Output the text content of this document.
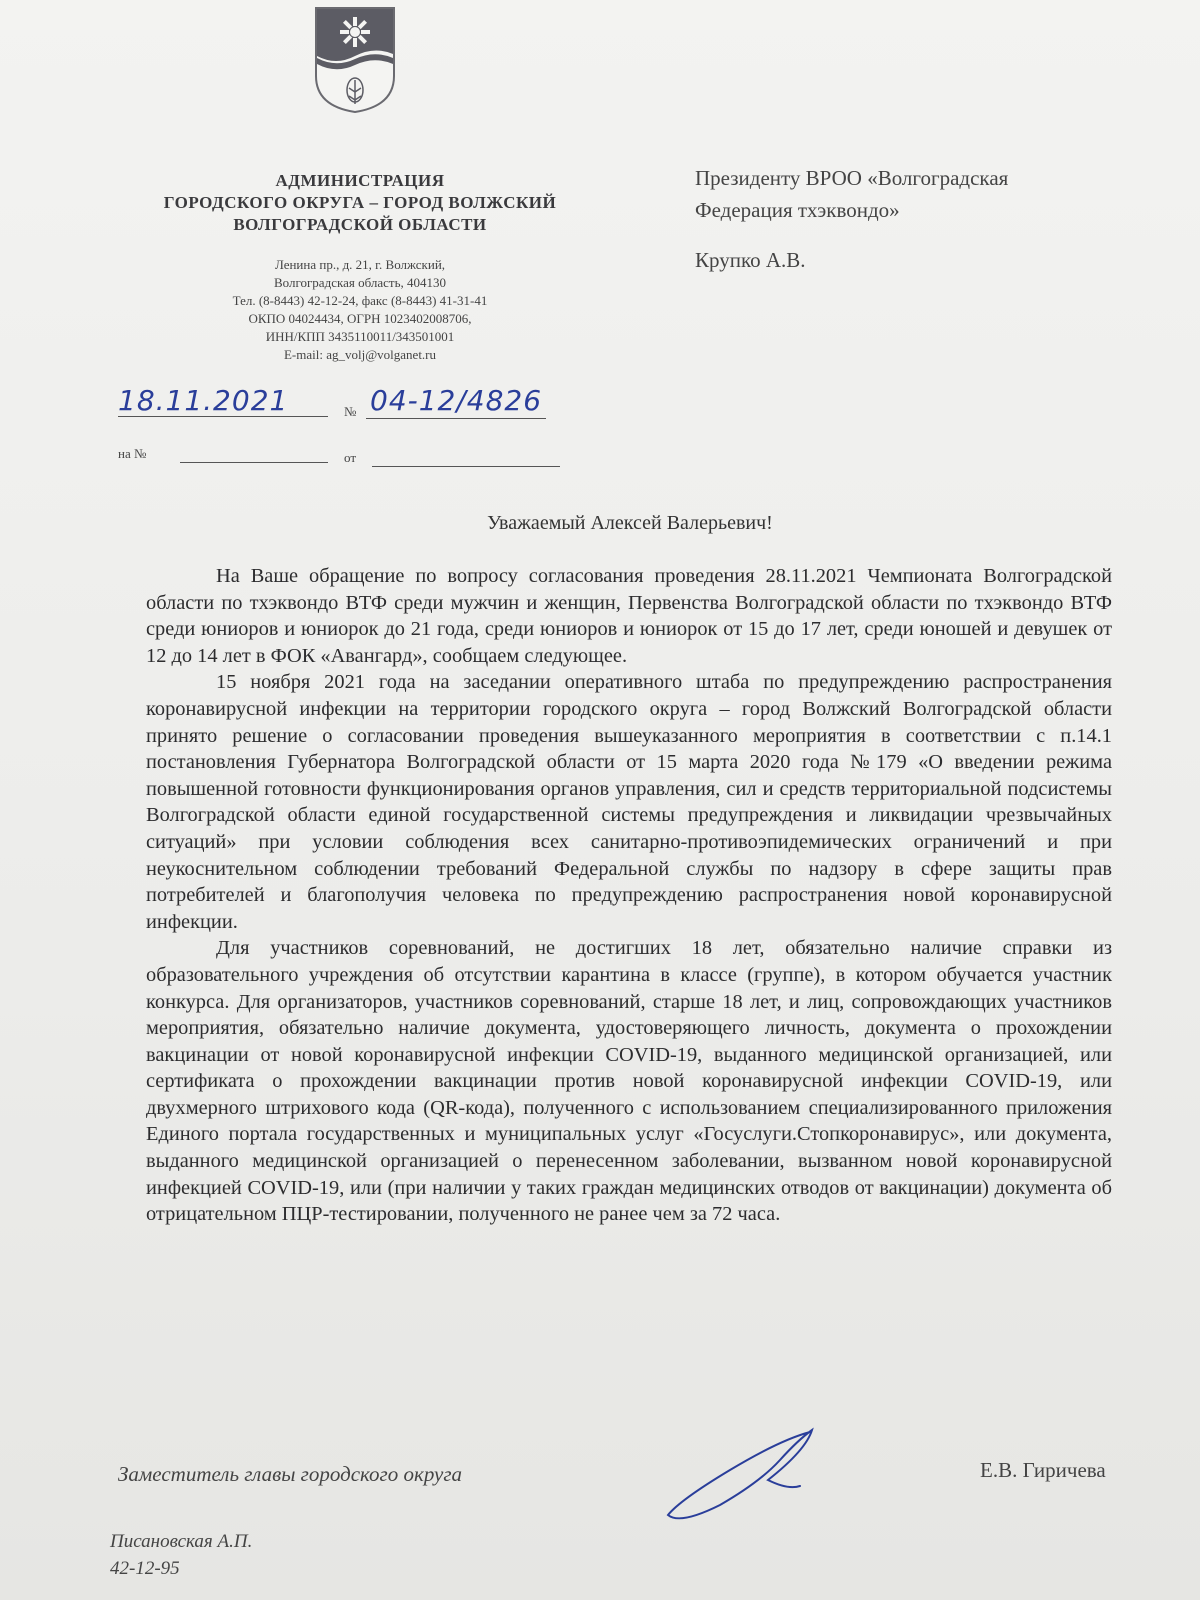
АДМИНИСТРАЦИЯ
ГОРОДСКОГО ОКРУГА – ГОРОД ВОЛЖСКИЙ
ВОЛГОГРАДСКОЙ ОБЛАСТИ
Ленина пр., д. 21, г. Волжский,
Волгоградская область, 404130
Тел. (8-8443) 42-12-24, факс (8-8443) 41-31-41
ОКПО 04024434, ОГРН 1023402008706,
ИНН/КПП 3435110011/343501001
E-mail: ag_volj@volganet.ru
18.11.2021	№ 04-12/4826
на №	от
Президенту ВРОО «Волгоградская
Федерация тхэквондо»
Крупко А.В.
Уважаемый Алексей Валерьевич!

На Ваше обращение по вопросу согласования проведения 28.11.2021 Чемпионата Волгоградской области по тхэквондо ВТФ среди мужчин и женщин, Первенства Волгоградской области по тхэквондо ВТФ среди юниоров и юниорок до 21 года, среди юниоров и юниорок от 15 до 17 лет, среди юношей и девушек от 12 до 14 лет в ФОК «Авангард», сообщаем следующее.

15 ноября 2021 года на заседании оперативного штаба по предупреждению распространения коронавирусной инфекции на территории городского округа – город Волжский Волгоградской области принято решение о согласовании проведения вышеуказанного мероприятия в соответствии с п.14.1 постановления Губернатора Волгоградской области от 15 марта 2020 года №179 «О введении режима повышенной готовности функционирования органов управления, сил и средств территориальной подсистемы Волгоградской области единой государственной системы предупреждения и ликвидации чрезвычайных ситуаций» при условии соблюдения всех санитарно-противоэпидемических ограничений и при неукоснительном соблюдении требований Федеральной службы по надзору в сфере защиты прав потребителей и благополучия человека по предупреждению распространения новой коронавирусной инфекции.

Для участников соревнований, не достигших 18 лет, обязательно наличие справки из образовательного учреждения об отсутствии карантина в классе (группе), в котором обучается участник конкурса. Для организаторов, участников соревнований, старше 18 лет, и лиц, сопровождающих участников мероприятия, обязательно наличие документа, удостоверяющего личность, документа о прохождении вакцинации от новой коронавирусной инфекции COVID-19, выданного медицинской организацией, или сертификата о прохождении вакцинации против новой коронавирусной инфекции COVID-19, или двухмерного штрихового кода (QR-кода), полученного с использованием специализированного приложения Единого портала государственных и муниципальных услуг «Госуслуги.Стопкоронавирус», или документа, выданного медицинской организацией о перенесенном заболевании, вызванном новой коронавирусной инфекцией COVID-19, или (при наличии у таких граждан медицинских отводов от вакцинации) документа об отрицательном ПЦР-тестировании, полученного не ранее чем за 72 часа.

Заместитель главы городского округа	Е.В. Гиричева
Писановская А.П.
42-12-95
